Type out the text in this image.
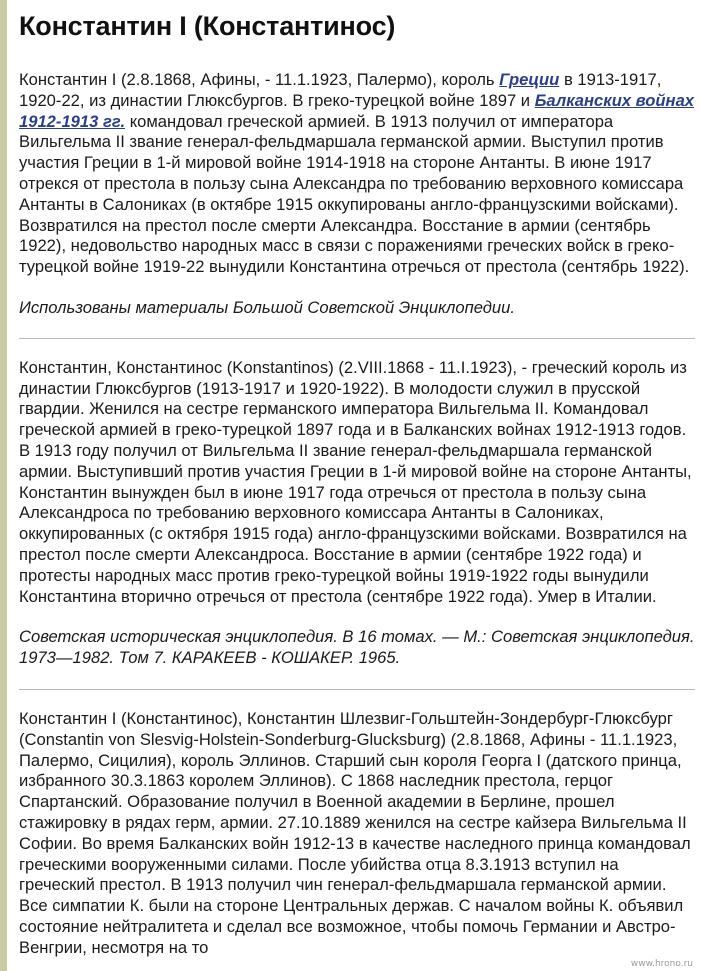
Константин I (Константинос)

Константин I (2.8.1868, Афины, - 11.1.1923, Палермо), король Греции в 1913-1917, 1920-22, из династии Глюксбургов. В греко-турецкой войне 1897 и Балканских войнах 1912-1913 гг. командовал греческой армией. В 1913 получил от императора Вильгельма II звание генерал-фельдмаршала германской армии. Выступил против участия Греции в 1-й мировой войне 1914-1918 на стороне Антанты. В июне 1917 отрекся от престола в пользу сына Александра по требованию верховного комиссара Антанты в Салониках (в октябре 1915 оккупированы англо-французскими войсками). Возвратился на престол после смерти Александра. Восстание в армии (сентябрь 1922), недовольство народных масс в связи с поражениями греческих войск в греко-турецкой войне 1919-22 вынудили Константина отречься от престола (сентябрь 1922).

Использованы материалы Большой Советской Энциклопедии.

Константин, Константинос (Konstantinos) (2.VIII.1868 - 11.I.1923), - греческий король из династии Глюксбургов (1913-1917 и 1920-1922). В молодости служил в прусской гвардии. Женился на сестре германского императора Вильгельма II. Командовал греческой армией в греко-турецкой 1897 года и в Балканских войнах 1912-1913 годов. В 1913 году получил от Вильгельма II звание генерал-фельдмаршала германской армии. Выступивший против участия Греции в 1-й мировой войне на стороне Антанты, Константин вынужден был в июне 1917 года отречься от престола в пользу сына Александроса по требованию верховного комиссара Антанты в Салониках, оккупированных (с октября 1915 года) англо-французскими войсками. Возвратился на престол после смерти Александроса. Восстание в армии (сентябре 1922 года) и протесты народных масс против греко-турецкой войны 1919-1922 годы вынудили Константина вторично отречься от престола (сентябре 1922 года). Умер в Италии.

Советская историческая энциклопедия. В 16 томах. — М.: Советская энциклопедия. 1973—1982. Том 7. КАРАКЕЕВ - КОШАКЕР. 1965.

Константин I (Константинос), Константин Шлезвиг-Гольштейн-Зондербург-Глюксбург (Constantin von Slesvig-Holstein-Sonderburg-Glucksburg) (2.8.1868, Афины - 11.1.1923, Палермо, Сицилия), король Эллинов. Старший сын короля Георга I (датского принца, избранного 30.3.1863 королем Эллинов). С 1868 наследник престола, герцог Спартанский. Образование получил в Военной академии в Берлине, прошел стажировку в рядах герм, армии. 27.10.1889 женился на сестре кайзера Вильгельма II Софии. Во время Балканских войн 1912-13 в качестве наследного принца командовал греческими вооруженными силами. После убийства отца 8.3.1913 вступил на греческий престол. В 1913 получил чин генерал-фельдмаршала германской армии. Все симпатии К. были на стороне Центральных держав. С началом войны К. объявил состояние нейтралитета и сделал все возможное, чтобы помочь Германии и Австро-Венгрии, несмотря на то

www.hrono.ru
